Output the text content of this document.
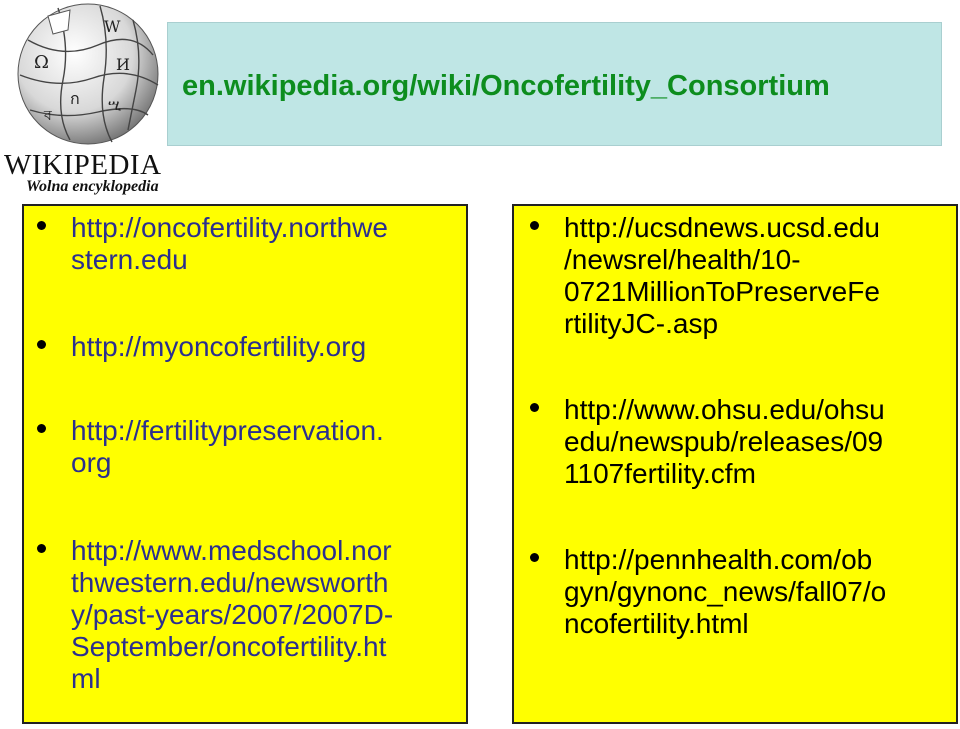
W
Ω	И
ก ሢ
ব
WIKIPEDIA
Wolna encyklopedia
en.wikipedia.org/wiki/Oncofertility_Consortium
http://oncofertility.northwe
stern.edu
http://myoncofertility.org
http://fertilitypreservation.
org
http://www.medschool.nor
thwestern.edu/newsworth
y/past-years/2007/2007D-
September/oncofertility.ht
ml
http://ucsdnews.ucsd.edu
/newsrel/health/10-
0721MillionToPreserveFe
rtilityJC-.asp
http://www.ohsu.edu/ohsu
edu/newspub/releases/09
1107fertility.cfm
http://pennhealth.com/ob
gyn/gynonc_news/fall07/o
ncofertility.html
